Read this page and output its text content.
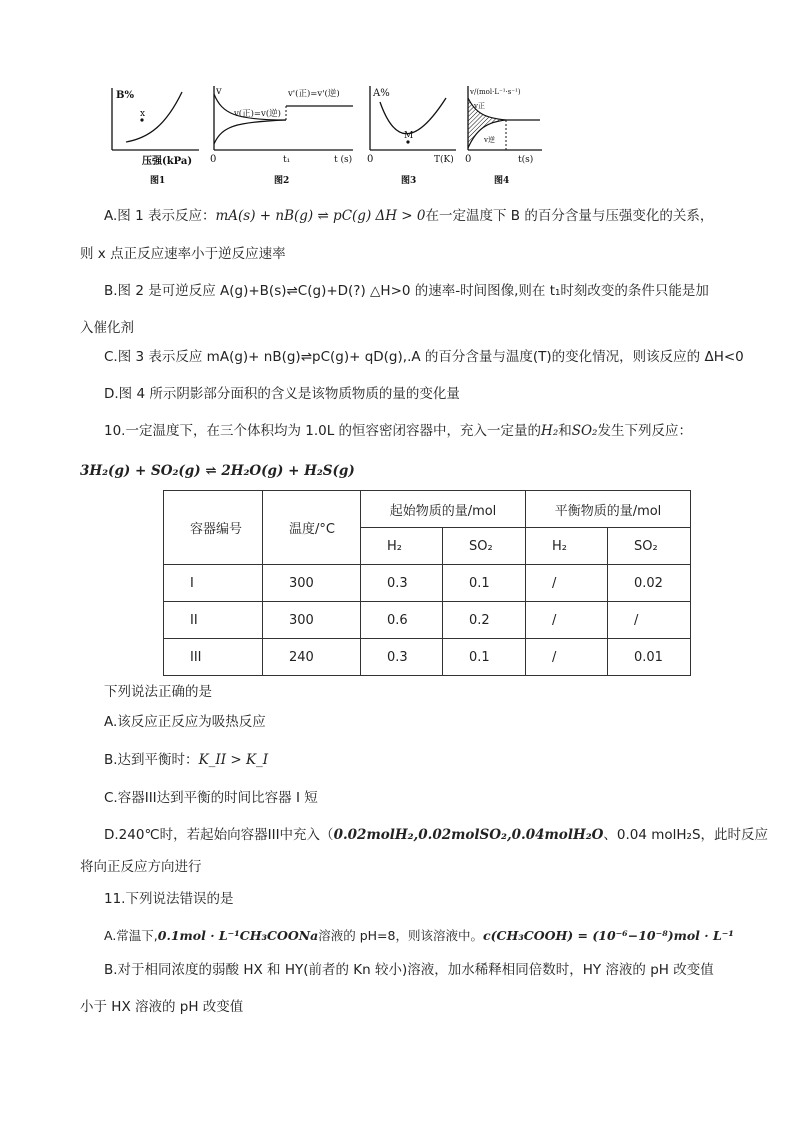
B%
x
压强(kPa)
图1
v
v(正)=v(逆)
v'(正)=v'(逆)
0	t₁	t (s)
图2
A%
M
0	T(K)
图3
v/(mol·L⁻¹·s⁻¹)
v正
v逆
0	t(s)
图4
A.图 1 表示反应：mA(s) + nB(g) ⇌ pC(g) ΔH > 0在一定温度下 B 的百分含量与压强变化的关系，
则 x 点正反应速率小于逆反应速率
B.图 2 是可逆反应 A(g)+B(s)⇌C(g)+D(?) △H>0 的速率-时间图像,则在 t₁时刻改变的条件只能是加入催化剂
C.图 3 表示反应 mA(g)+ nB(g)⇌pC(g)+ qD(g),.A 的百分含量与温度(T)的变化情况，则该反应的 ΔH<0
D.图 4 所示阴影部分面积的含义是该物质物质的量的变化量
10.一定温度下，在三个体积均为 1.0L 的恒容密闭容器中，充入一定量的H₂和SO₂发生下列反应：
3H₂(g) + SO₂(g) ⇌ 2H₂O(g) + H₂S(g)
容器编号	温度/°C	起始物质的量/mol		平衡物质的量/mol	
		H₂	SO₂	H₂	SO₂
I	300	0.3	0.1	/	0.02
II	300	0.6	0.2	/	/
III	240	0.3	0.1	/	0.01
下列说法正确的是
A.该反应正反应为吸热反应
B.达到平衡时：K_II > K_I
C.容器III达到平衡的时间比容器 I 短
D.240℃时，若起始向容器III中充入（0.02molH₂,0.02molSO₂,0.04molH₂O、0.04 molH₂S，此时反应
将向正反应方向进行
11.下列说法错误的是
A.常温下,0.1mol · L⁻¹CH₃COONa溶液的 pH=8，则该溶液中。c(CH₃COOH) = (10⁻⁶−10⁻⁸)mol · L⁻¹
B.对于相同浓度的弱酸 HX 和 HY(前者的 Kn 较小)溶液，加水稀释相同倍数时，HY 溶液的 pH 改变值小于 HX 溶液的 pH 改变值
